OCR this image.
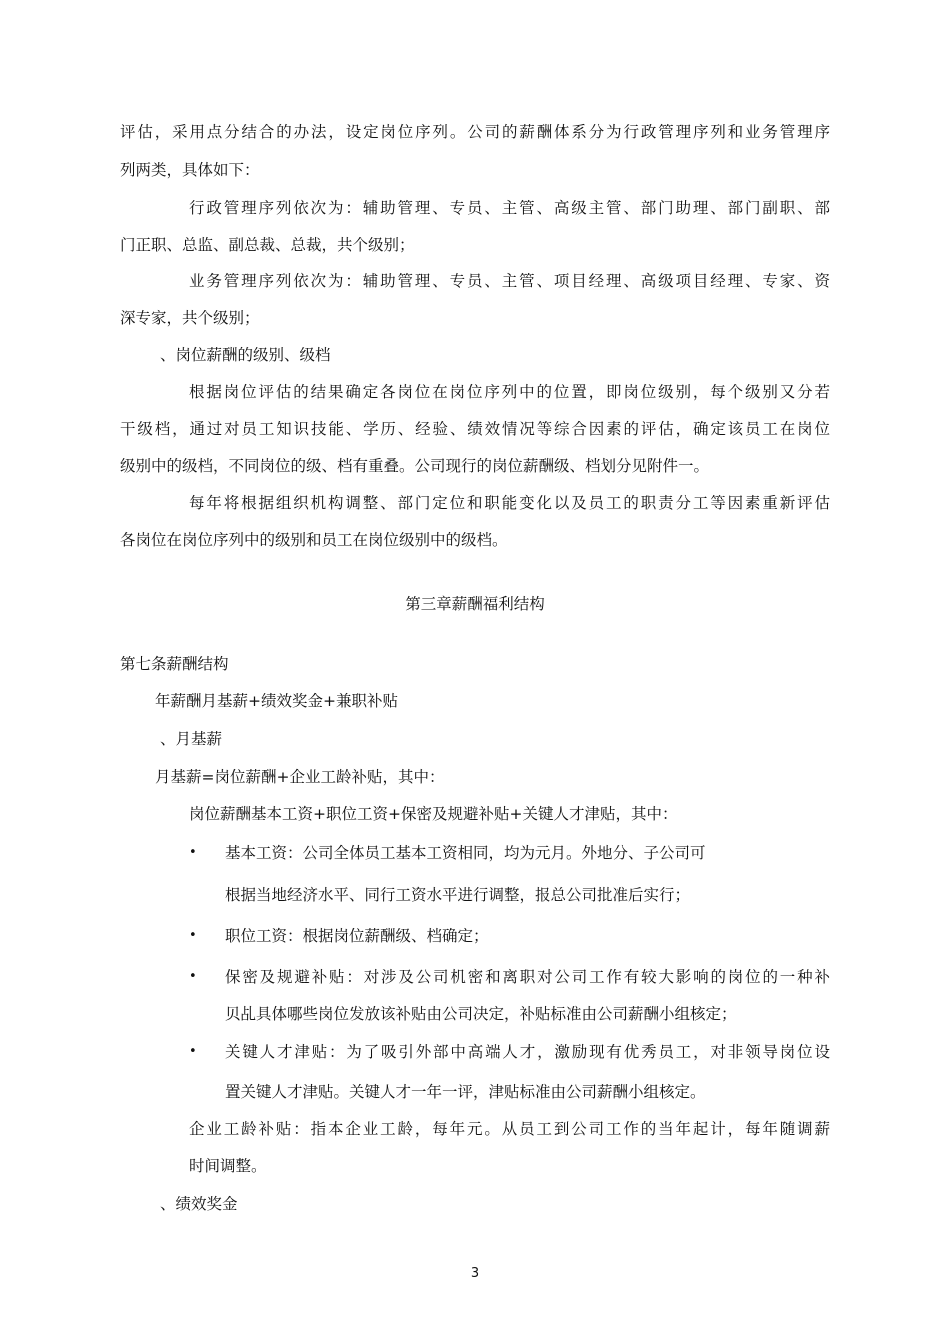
评估，采用点分结合的办法，设定岗位序列。公司的薪酬体系分为行政管理序列和业务管理序
列两类，具体如下：
行政管理序列依次为：辅助管理、专员、主管、高级主管、部门助理、部门副职、部
门正职、总监、副总裁、总裁，共个级别；
业务管理序列依次为：辅助管理、专员、主管、项目经理、高级项目经理、专家、资
深专家，共个级别；
、岗位薪酬的级别、级档
根据岗位评估的结果确定各岗位在岗位序列中的位置，即岗位级别，每个级别又分若
干级档，通过对员工知识技能、学历、经验、绩效情况等综合因素的评估，确定该员工在岗位
级别中的级档，不同岗位的级、档有重叠。公司现行的岗位薪酬级、档划分见附件一。
每年将根据组织机构调整、部门定位和职能变化以及员工的职责分工等因素重新评估
各岗位在岗位序列中的级别和员工在岗位级别中的级档。
第三章薪酬福利结构
第七条薪酬结构
年薪酬月基薪+绩效奖金+兼职补贴
、月基薪
月基薪=岗位薪酬+企业工龄补贴，其中：
岗位薪酬基本工资+职位工资+保密及规避补贴+关键人才津贴，其中：
• 基本工资：公司全体员工基本工资相同，均为元月。外地分、子公司可
根据当地经济水平、同行工资水平进行调整，报总公司批准后实行；
• 职位工资：根据岗位薪酬级、档确定；
• 保密及规避补贴：对涉及公司机密和离职对公司工作有较大影响的岗位的一种补
贝乩具体哪些岗位发放该补贴由公司决定，补贴标准由公司薪酬小组核定；
• 关键人才津贴：为了吸引外部中高端人才，激励现有优秀员工，对非领导岗位设
置关键人才津贴。关键人才一年一评，津贴标准由公司薪酬小组核定。
企业工龄补贴：指本企业工龄，每年元。从员工到公司工作的当年起计，每年随调薪
时间调整。
、绩效奖金
3
